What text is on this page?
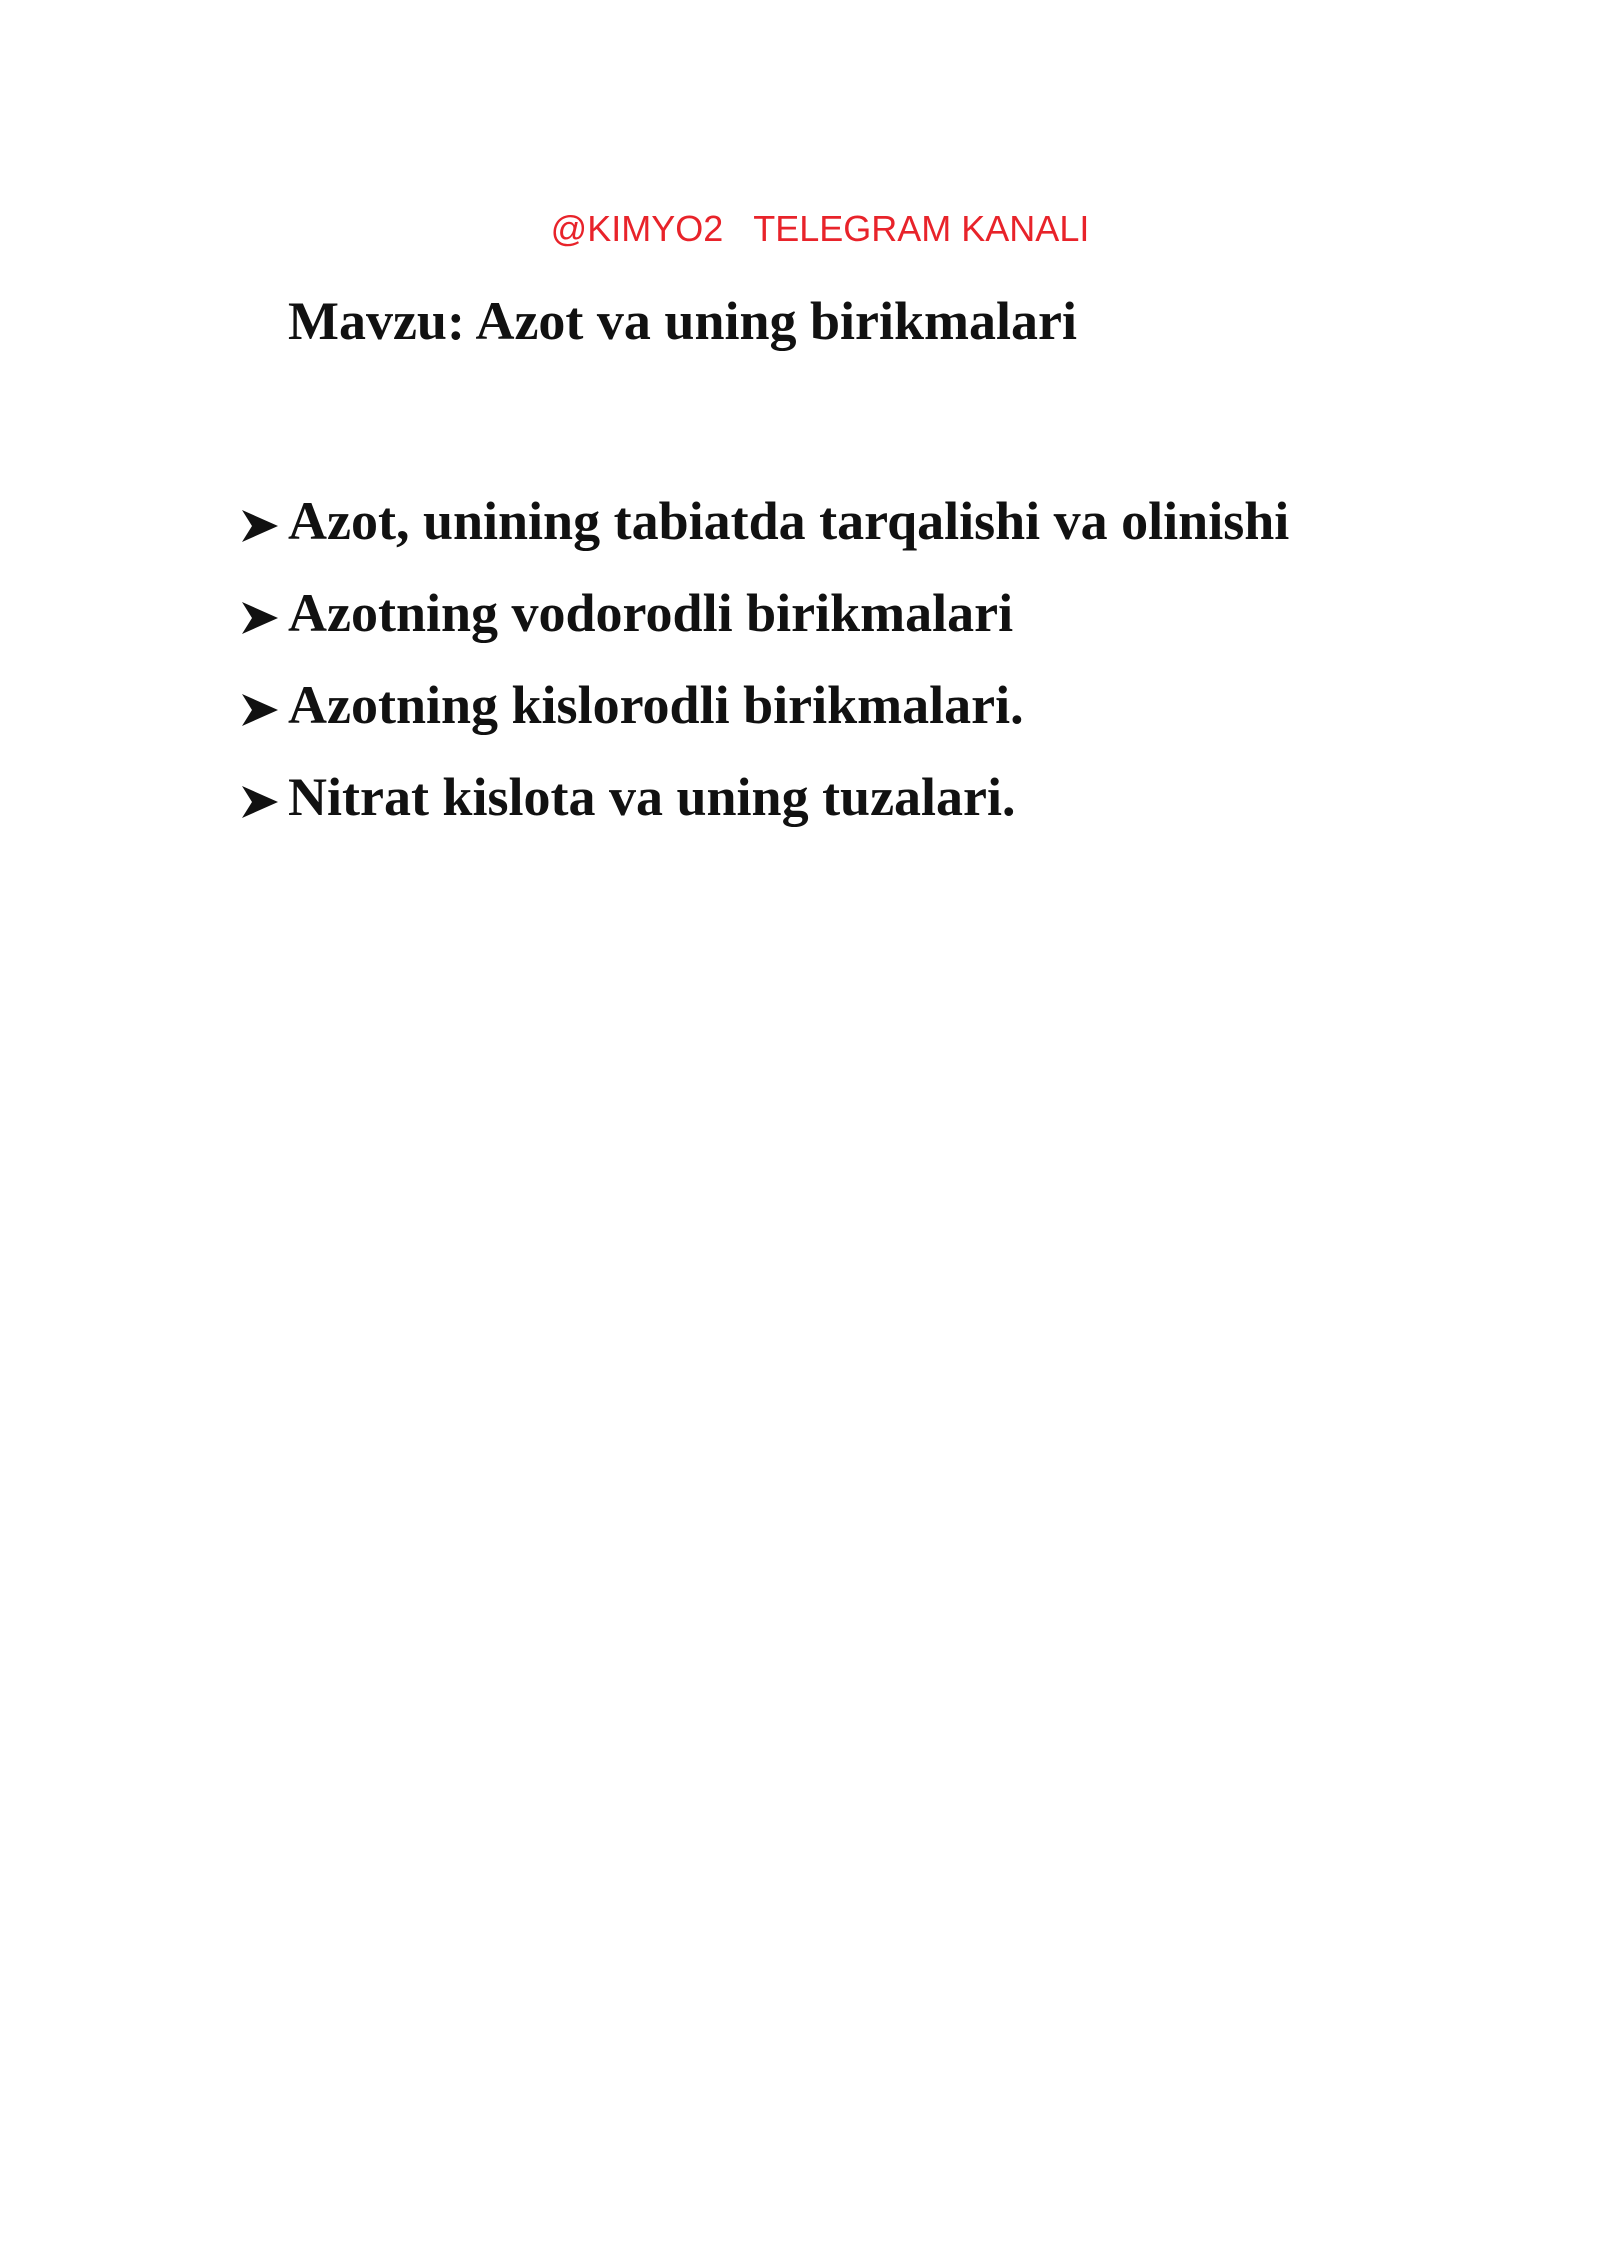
@KIMYO2 TELEGRAM KANALI

Mavzu: Azot va uning birikmalari
Azot, unining tabiatda tarqalishi va olinishi
Azotning vodorodli birikmalari
Azotning kislorodli birikmalari.
Nitrat kislota va uning tuzalari.
